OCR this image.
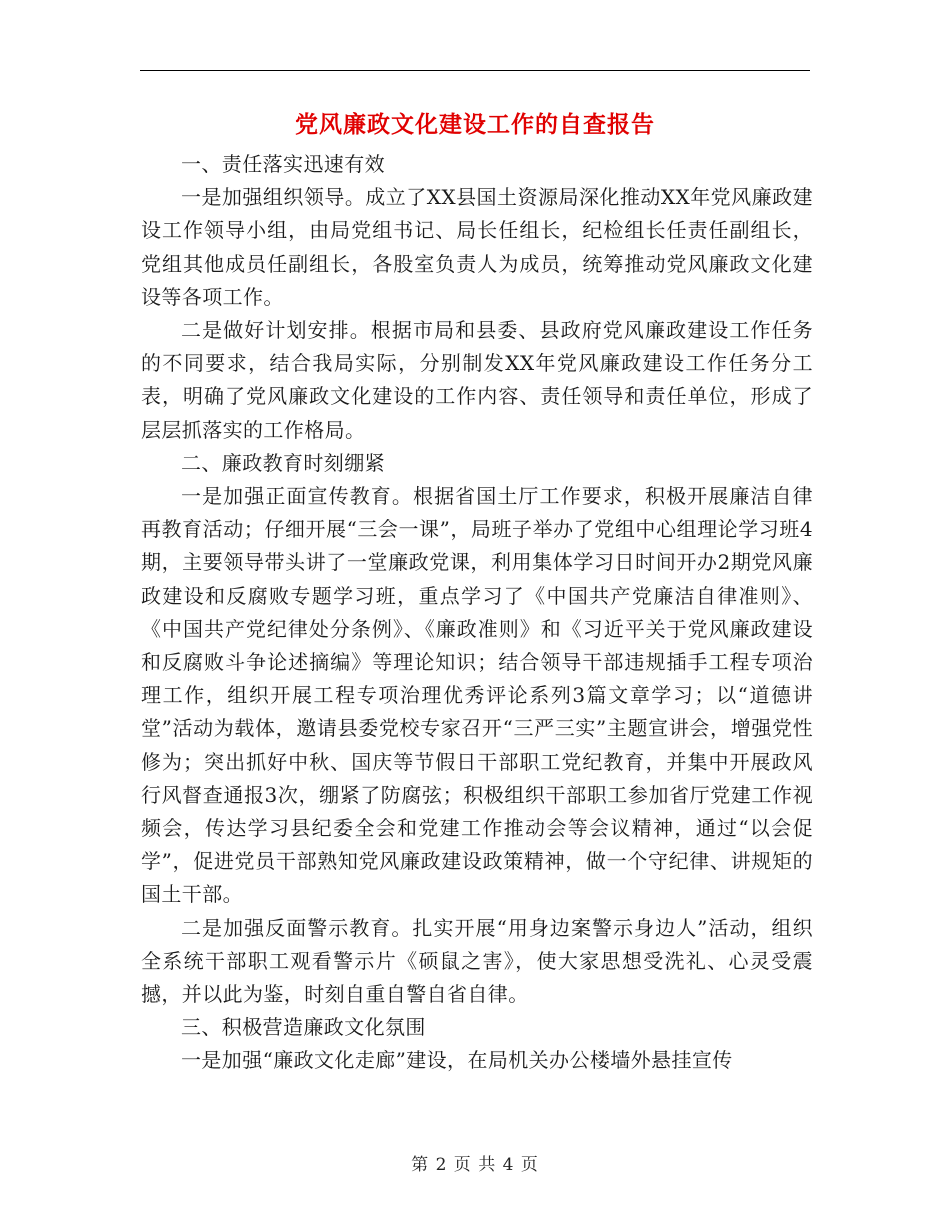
党风廉政文化建设工作的自查报告

一、责任落实迅速有效

一是加强组织领导。成立了XX县国土资源局深化推动XX年党风廉政建设工作领导小组，由局党组书记、局长任组长，纪检组长任责任副组长，党组其他成员任副组长，各股室负责人为成员，统筹推动党风廉政文化建设等各项工作。

二是做好计划安排。根据市局和县委、县政府党风廉政建设工作任务的不同要求，结合我局实际，分别制发XX年党风廉政建设工作任务分工表，明确了党风廉政文化建设的工作内容、责任领导和责任单位，形成了层层抓落实的工作格局。

二、廉政教育时刻绷紧

一是加强正面宣传教育。根据省国土厅工作要求，积极开展廉洁自律再教育活动；仔细开展“三会一课”，局班子举办了党组中心组理论学习班4期，主要领导带头讲了一堂廉政党课，利用集体学习日时间开办2期党风廉政建设和反腐败专题学习班，重点学习了《中国共产党廉洁自律准则》、《中国共产党纪律处分条例》、《廉政准则》和《习近平关于党风廉政建设和反腐败斗争论述摘编》等理论知识；结合领导干部违规插手工程专项治理工作，组织开展工程专项治理优秀评论系列3篇文章学习；以“道德讲堂”活动为载体，邀请县委党校专家召开“三严三实”主题宣讲会，增强党性修为；突出抓好中秋、国庆等节假日干部职工党纪教育，并集中开展政风行风督查通报3次，绷紧了防腐弦；积极组织干部职工参加省厅党建工作视频会，传达学习县纪委全会和党建工作推动会等会议精神，通过“以会促学”，促进党员干部熟知党风廉政建设政策精神，做一个守纪律、讲规矩的国土干部。

二是加强反面警示教育。扎实开展“用身边案警示身边人”活动，组织全系统干部职工观看警示片《硕鼠之害》，使大家思想受洗礼、心灵受震撼，并以此为鉴，时刻自重自警自省自律。

三、积极营造廉政文化氛围

一是加强“廉政文化走廊”建设，在局机关办公楼墙外悬挂宣传

第 2 页 共 4 页
